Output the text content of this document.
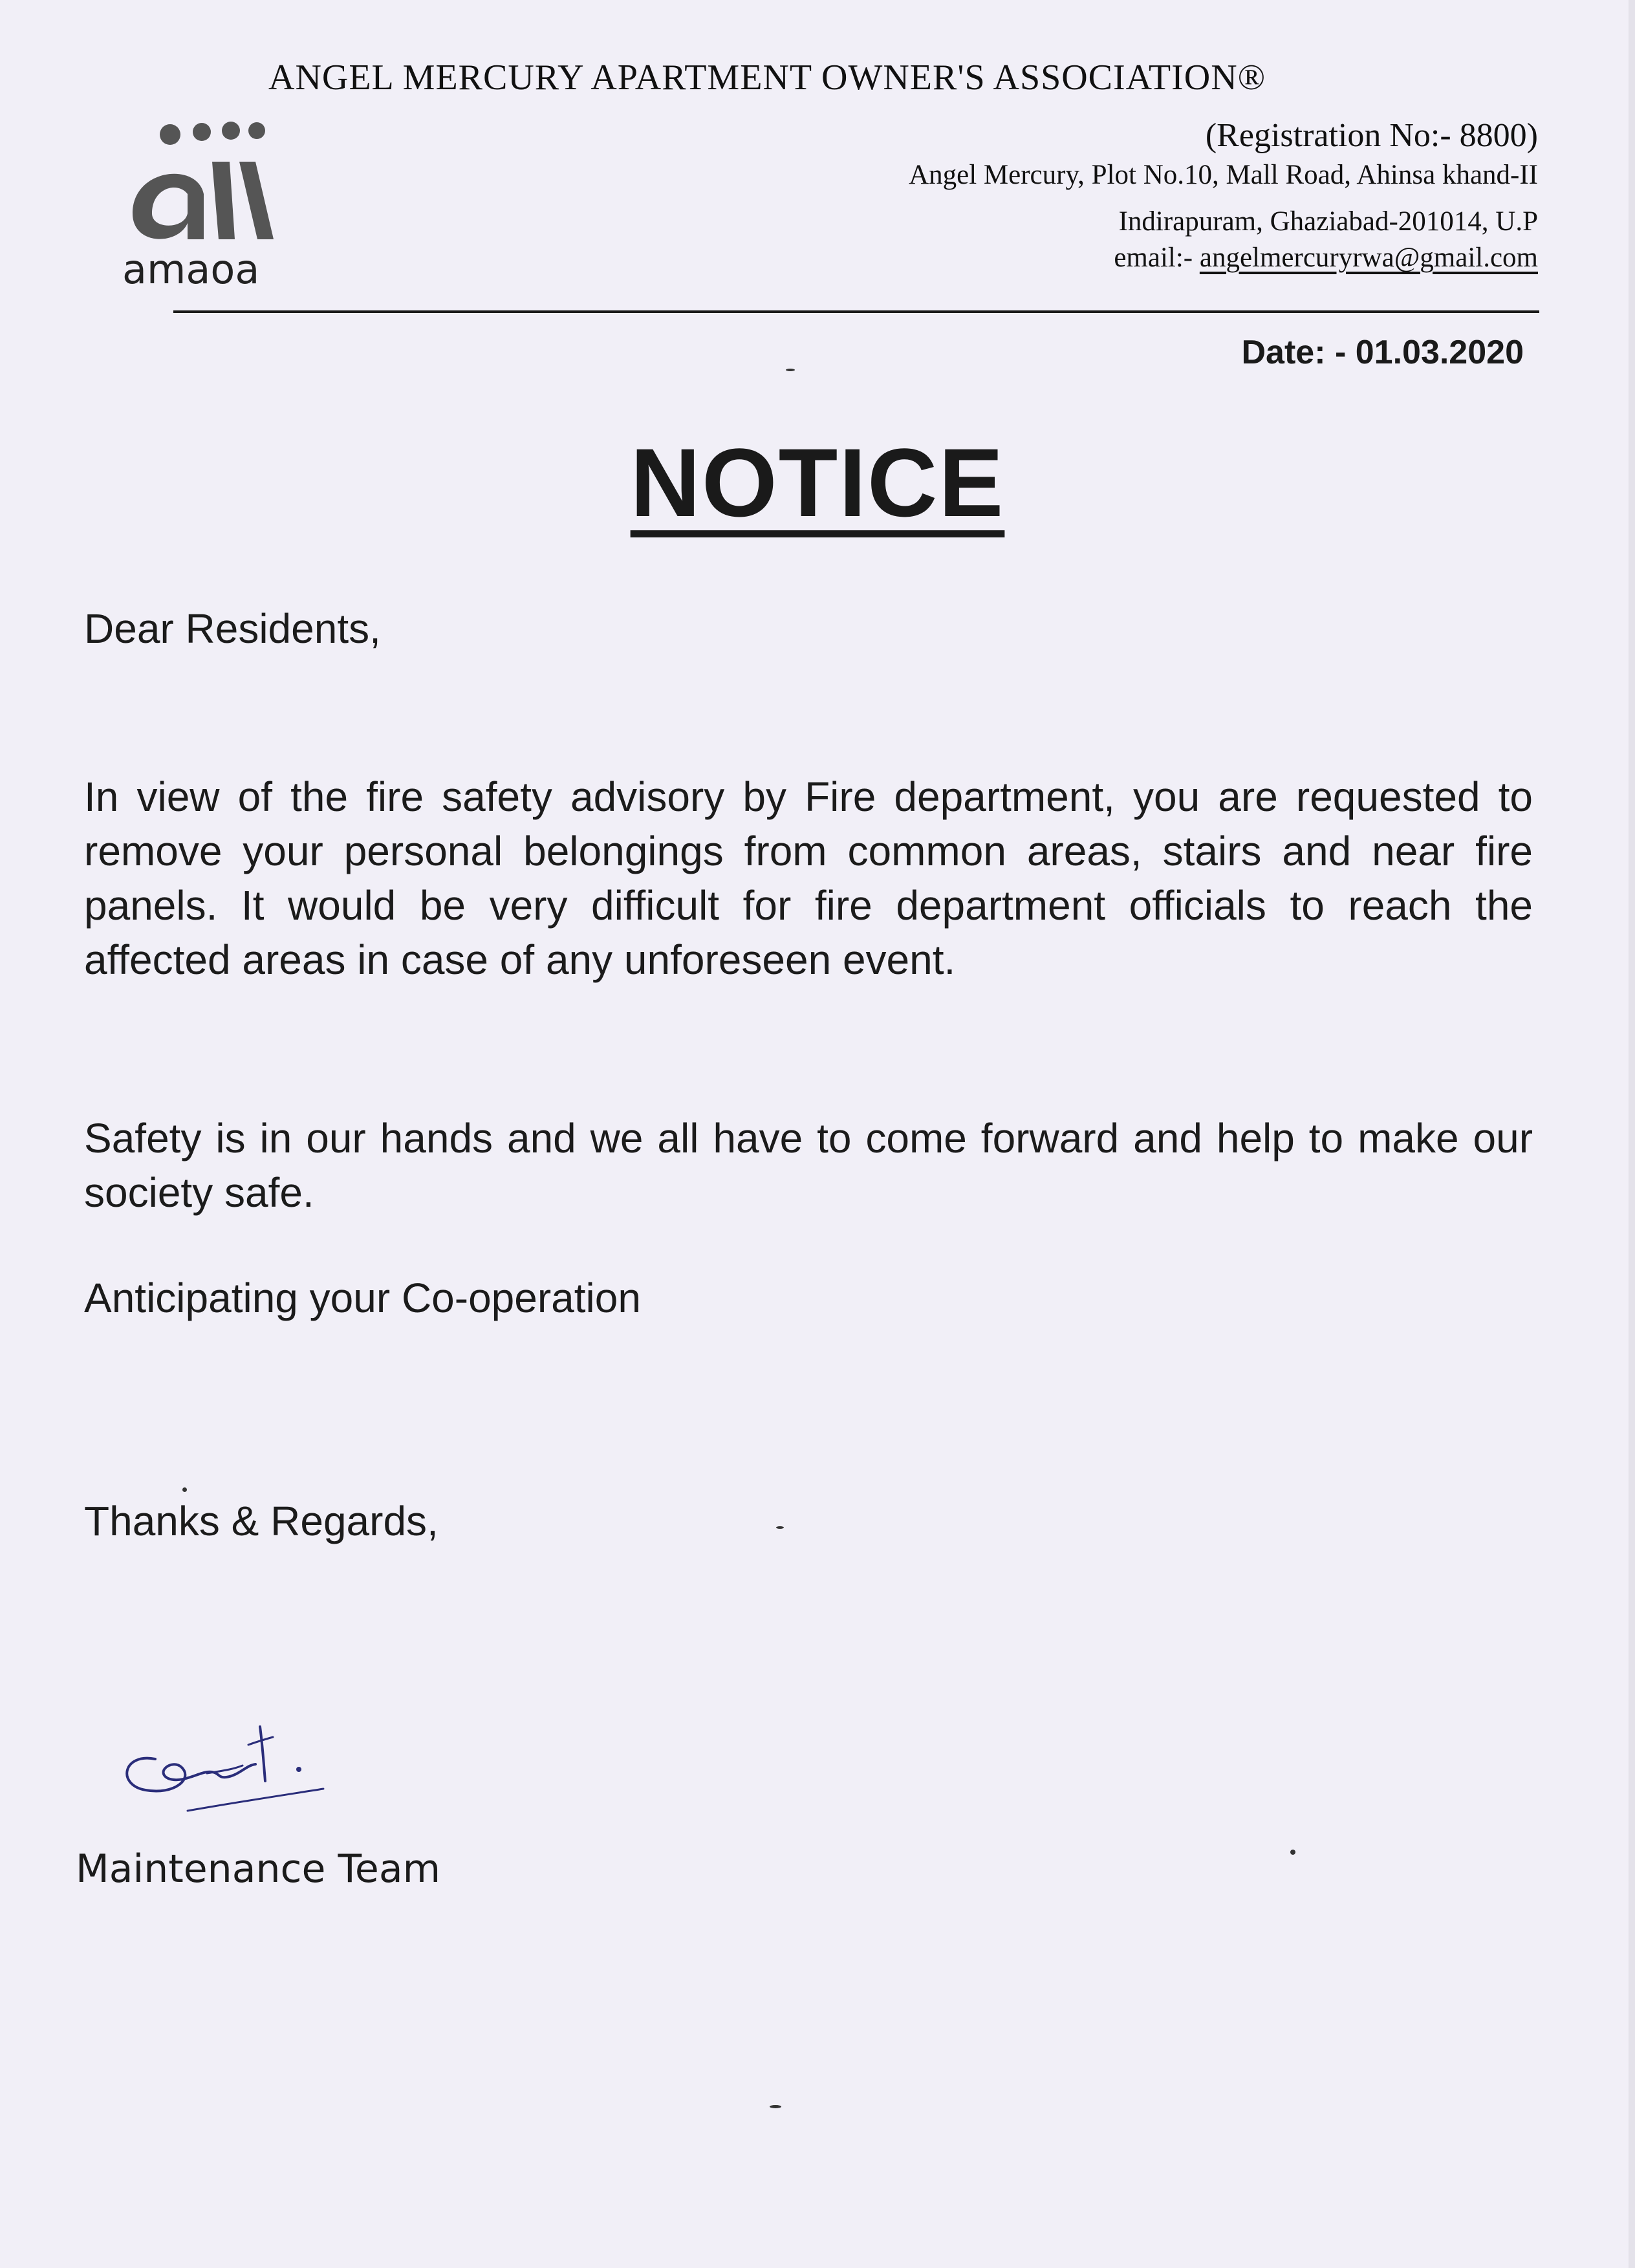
ANGEL MERCURY APARTMENT OWNER'S ASSOCIATION®
amaoa
(Registration No:- 8800)
Angel Mercury, Plot No.10, Mall Road, Ahinsa khand-II
Indirapuram, Ghaziabad-201014, U.P
email:- angelmercuryrwa@gmail.com
Date: - 01.03.2020
NOTICE
Dear Residents,
In view of the fire safety advisory by Fire department, you are requested to remove your personal belongings from common areas, stairs and near fire panels. It would be very difficult for fire department officials to reach the affected areas in case of any unforeseen event.
Safety is in our hands and we all have to come forward and help to make our society safe.
Anticipating your Co-operation
Thanks & Regards,
Maintenance Team
